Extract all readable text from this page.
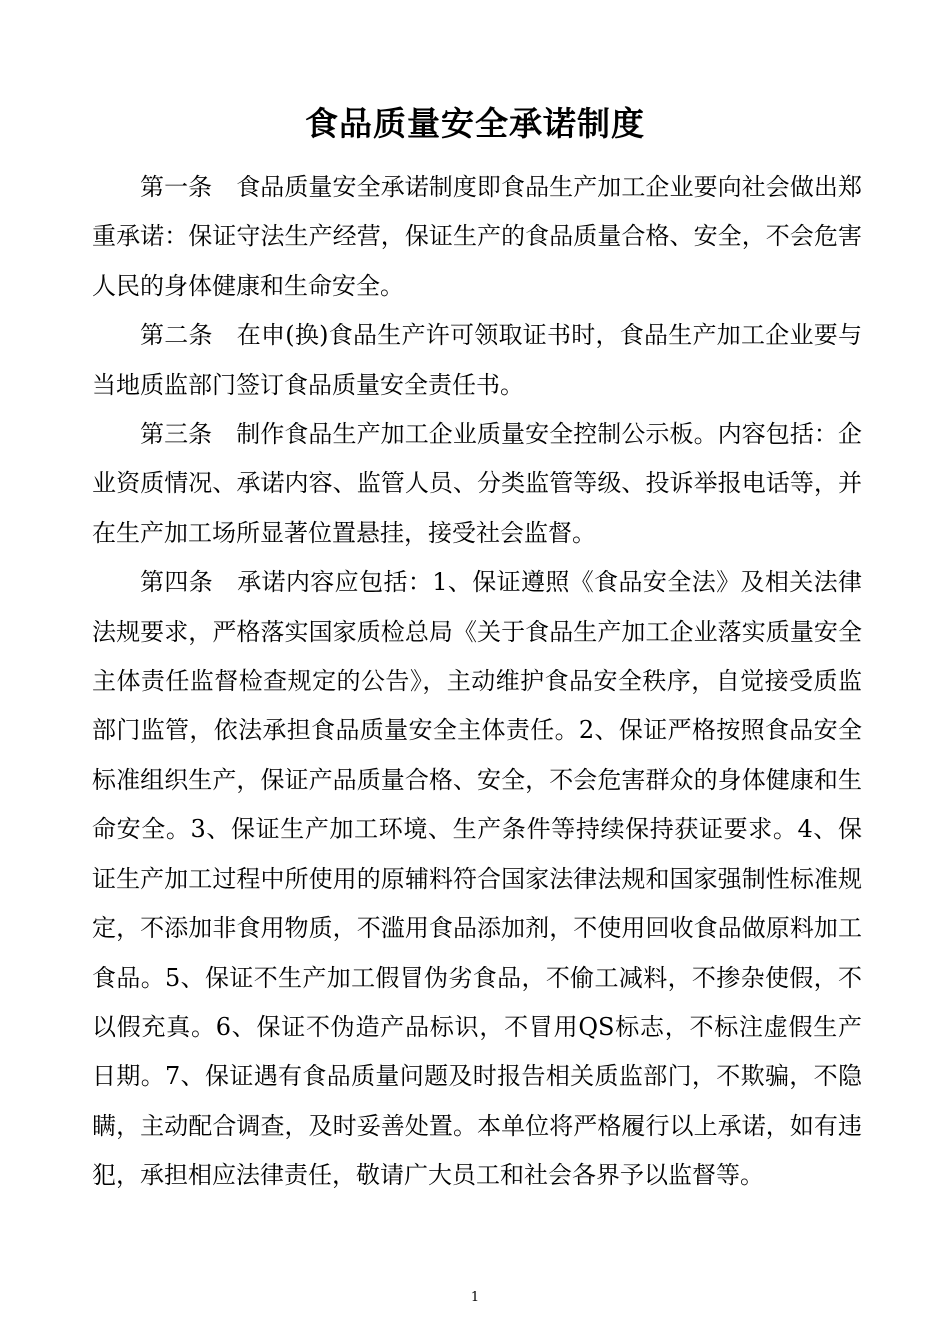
食品质量安全承诺制度

第一条 食品质量安全承诺制度即食品生产加工企业要向社会做出郑重承诺：保证守法生产经营，保证生产的食品质量合格、安全，不会危害人民的身体健康和生命安全。

第二条 在申(换)食品生产许可领取证书时，食品生产加工企业要与当地质监部门签订食品质量安全责任书。

第三条 制作食品生产加工企业质量安全控制公示板。内容包括：企业资质情况、承诺内容、监管人员、分类监管等级、投诉举报电话等，并在生产加工场所显著位置悬挂，接受社会监督。

第四条 承诺内容应包括：1、保证遵照《食品安全法》及相关法律法规要求，严格落实国家质检总局《关于食品生产加工企业落实质量安全主体责任监督检查规定的公告》，主动维护食品安全秩序，自觉接受质监部门监管，依法承担食品质量安全主体责任。2、保证严格按照食品安全标准组织生产，保证产品质量合格、安全，不会危害群众的身体健康和生命安全。3、保证生产加工环境、生产条件等持续保持获证要求。4、保证生产加工过程中所使用的原辅料符合国家法律法规和国家强制性标准规定，不添加非食用物质，不滥用食品添加剂，不使用回收食品做原料加工食品。5、保证不生产加工假冒伪劣食品，不偷工减料，不掺杂使假，不以假充真。6、保证不伪造产品标识，不冒用QS标志，不标注虚假生产日期。7、保证遇有食品质量问题及时报告相关质监部门，不欺骗，不隐瞒，主动配合调查，及时妥善处置。本单位将严格履行以上承诺，如有违犯，承担相应法律责任，敬请广大员工和社会各界予以监督等。

1
